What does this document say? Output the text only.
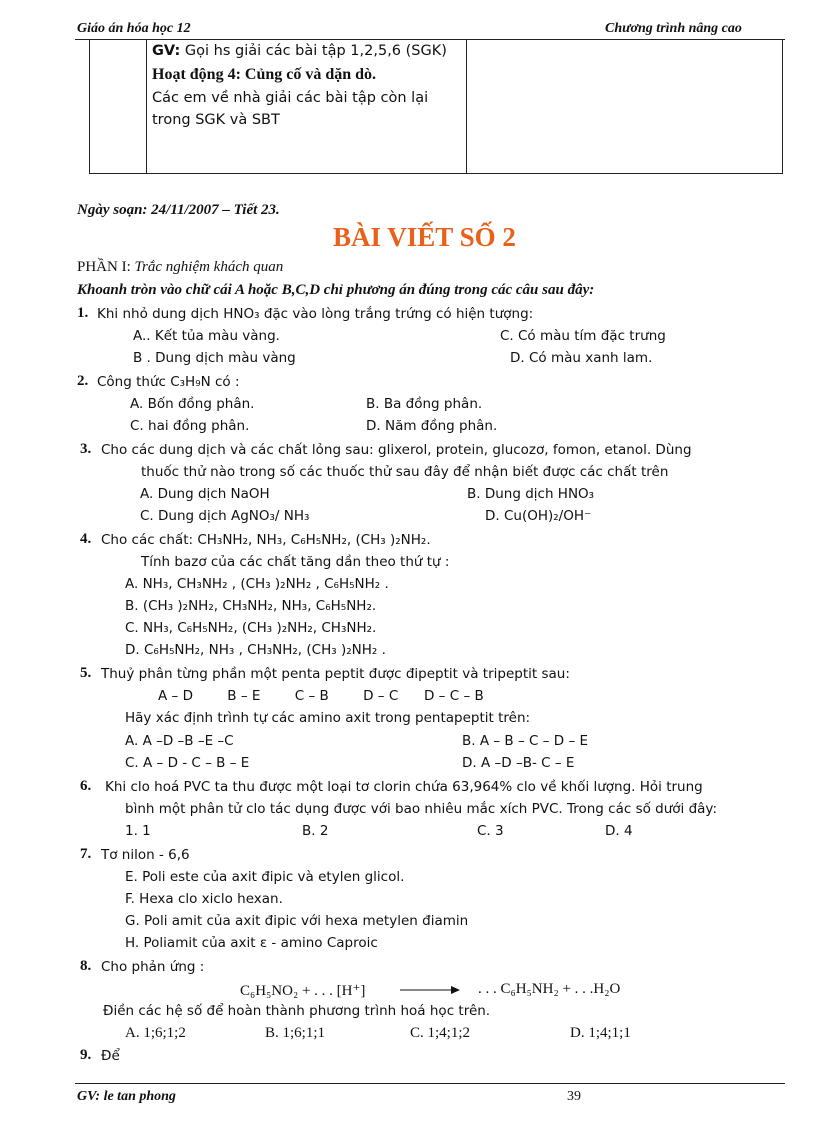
Giáo án hóa học 12	Chương trình nâng cao
GV: Gọi hs giải các bài tập 1,2,5,6 (SGK)
Hoạt động 4: Củng cố và dặn dò.
Các em về nhà giải các bài tập còn lại
trong SGK và SBT
Ngày soạn: 24/11/2007 – Tiết 23.
BÀI VIẾT SỐ 2
PHẦN I: Trắc nghiệm khách quan
Khoanh tròn vào chữ cái A hoặc B,C,D chỉ phương án đúng trong các câu sau đây:
1. Khi nhỏ dung dịch HNO₃ đặc vào lòng trắng trứng có hiện tượng:
A.. Kết tủa màu vàng.	C. Có màu tím đặc trưng
B . Dung dịch màu vàng	D. Có màu xanh lam.
2. Công thức C₃H₉N có :
A. Bốn đồng phân.	B. Ba đồng phân.
C. hai đồng phân.	D. Năm đồng phân.
3. Cho các dung dịch và các chất lỏng sau: glixerol, protein, glucozơ, fomon, etanol. Dùng
thuốc thử nào trong số các thuốc thử sau đây để nhận biết được các chất trên
A. Dung dịch NaOH	B. Dung dịch HNO₃
C. Dung dịch AgNO₃/ NH₃	D. Cu(OH)₂/OH⁻
4. Cho các chất: CH₃NH₂, NH₃, C₆H₅NH₂, (CH₃ )₂NH₂.
Tính bazơ của các chất tăng dần theo thứ tự :
A. NH₃, CH₃NH₂ , (CH₃ )₂NH₂ , C₆H₅NH₂ .
B. (CH₃ )₂NH₂, CH₃NH₂, NH₃, C₆H₅NH₂.
C. NH₃, C₆H₅NH₂, (CH₃ )₂NH₂, CH₃NH₂.
D. C₆H₅NH₂, NH₃ , CH₃NH₂, (CH₃ )₂NH₂ .
5. Thuỷ phân từng phần một penta peptit được đipeptit và tripeptit sau:
A – D        B – E        C – B        D – C      D – C – B
Hãy xác định trình tự các amino axit trong pentapeptit trên:
A. A –D –B –E –C	B. A – B – C – D – E
C. A – D - C – B – E	D. A –D –B- C – E
6. Khi clo hoá PVC ta thu được một loại tơ clorin chứa 63,964% clo về khối lượng. Hỏi trung
bình một phân tử clo tác dụng được với bao nhiêu mắc xích PVC. Trong các số dưới đây:
1. 1	B. 2	C. 3	D. 4
7. Tơ nilon - 6,6
E. Poli este của axit đipic và etylen glicol.
F. Hexa clo xiclo hexan.
G. Poli amit của axit đipic với hexa metylen điamin
H. Poliamit của axit ε - amino Caproic
8. Cho phản ứng :
C₆H₅NO₂ + . . . [H⁺] → . . . C₆H₅NH₂ + . . .H₂O
Điền các hệ số để hoàn thành phương trình hoá học trên.
A. 1;6;1;2	B. 1;6;1;1	C. 1;4;1;2	D. 1;4;1;1
9. Để
GV: le tan phong	39
